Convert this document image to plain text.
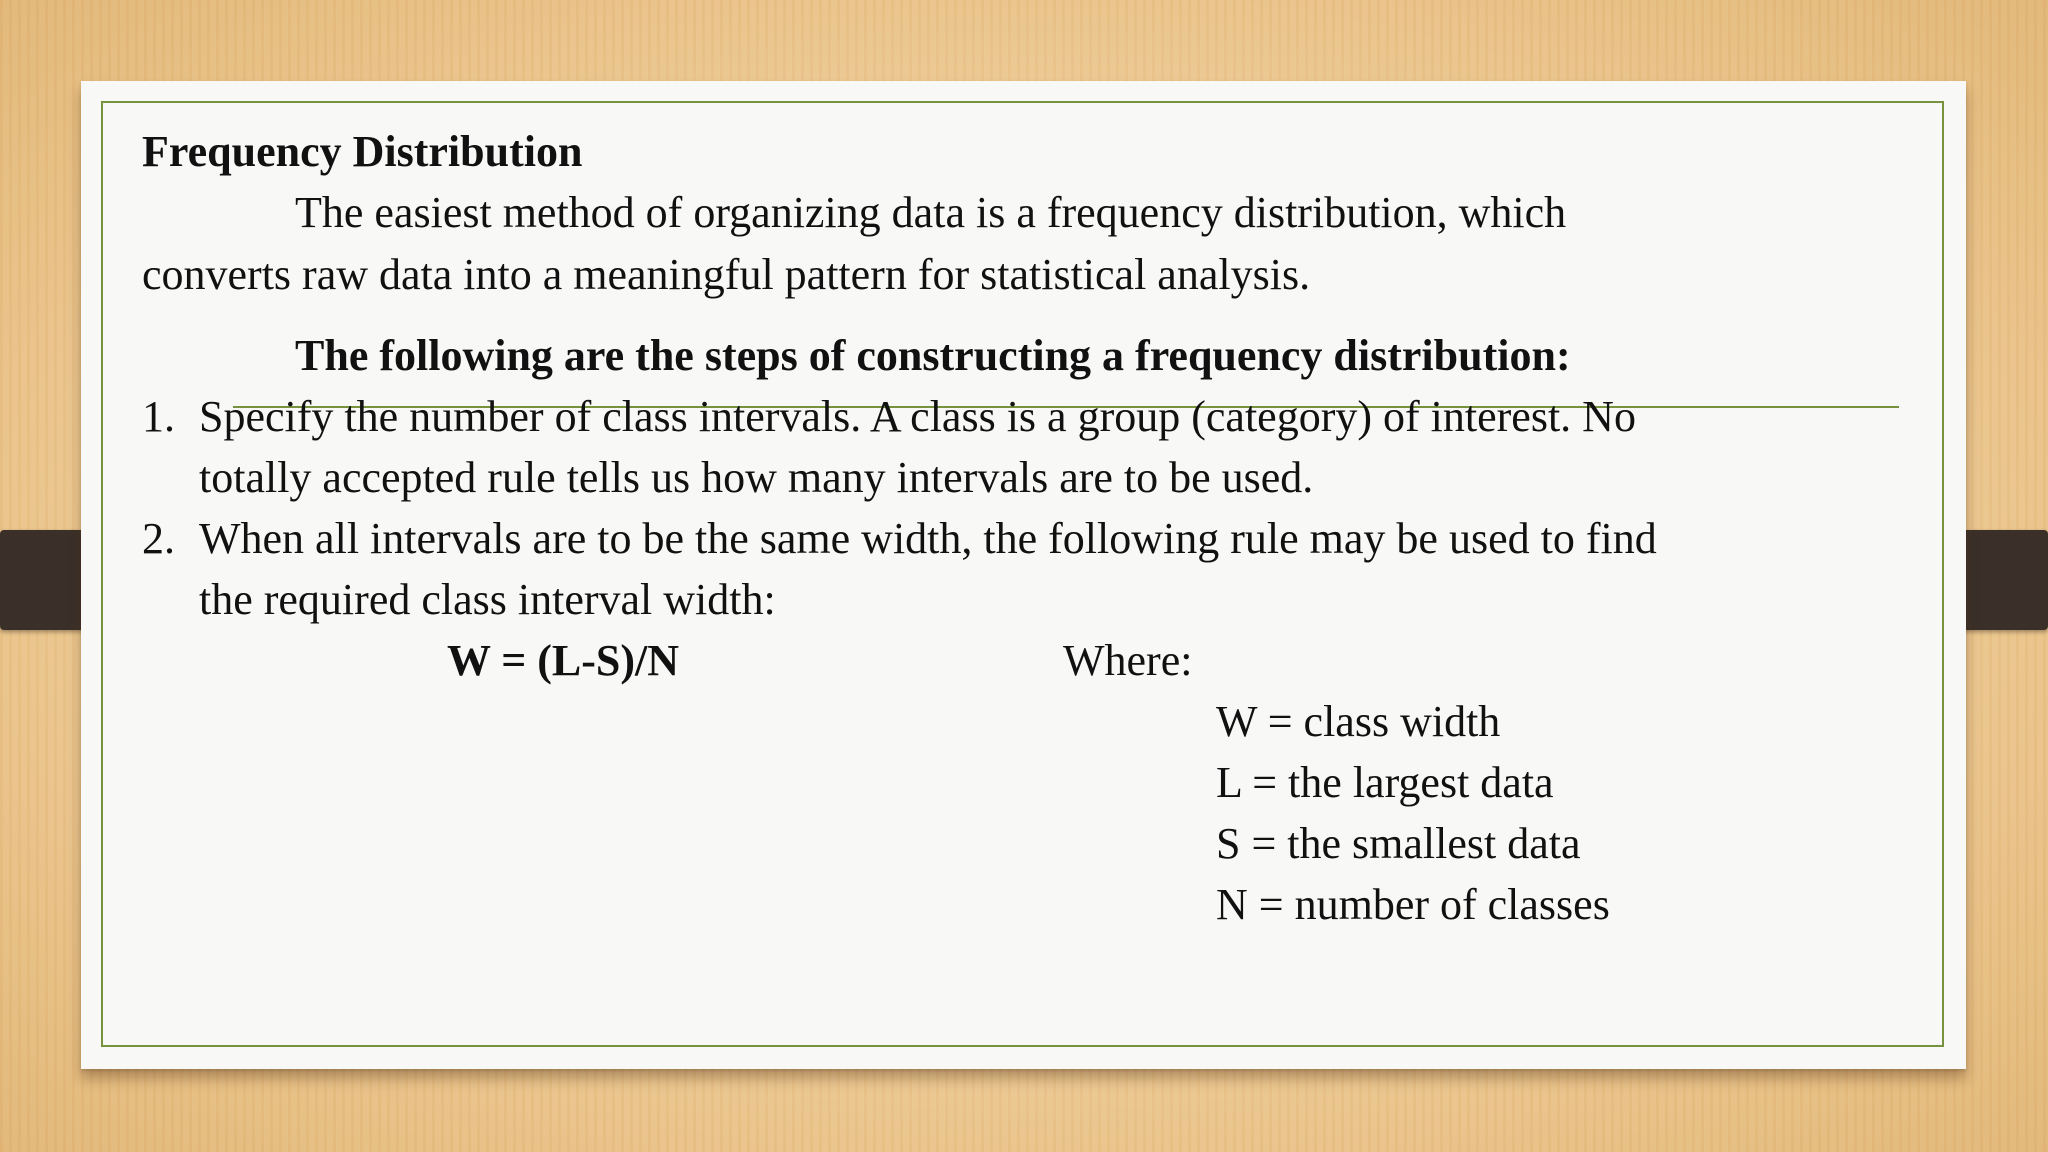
Frequency Distribution
The easiest method of organizing data is a frequency distribution, which
converts raw data into a meaningful pattern for statistical analysis.
The following are the steps of constructing a frequency distribution:
1. Specify the number of class intervals. A class is a group (category) of interest. No
totally accepted rule tells us how many intervals are to be used.
2. When all intervals are to be the same width, the following rule may be used to find
the required class interval width:
W = (L-S)/N	Where:
W = class width
L = the largest data
S = the smallest data
N = number of classes
